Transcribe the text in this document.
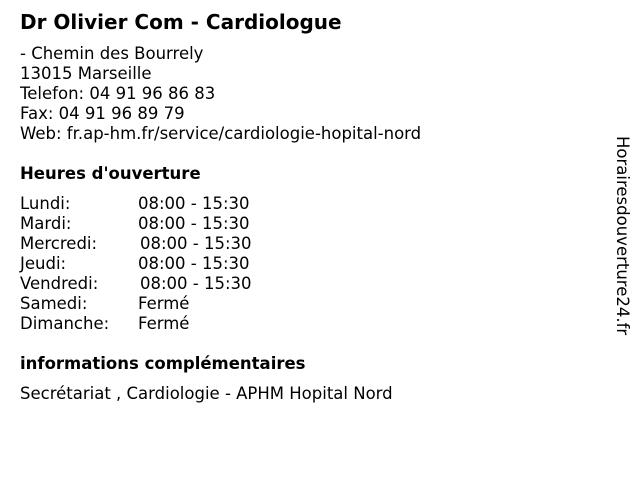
Dr Olivier Com - Cardiologue
- Chemin des Bourrely
13015 Marseille
Telefon: 04 91 96 86 83
Fax: 04 91 96 89 79
Web: fr.ap-hm.fr/service/cardiologie-hopital-nord
Heures d'ouverture
Lundi:	08:00 - 15:30
Mardi:	08:00 - 15:30
Mercredi:	08:00 - 15:30
Jeudi:	08:00 - 15:30
Vendredi:	08:00 - 15:30
Samedi:	Fermé
Dimanche: Fermé
informations complémentaires
Secrétariat , Cardiologie - APHM Hopital Nord
Horairesdouverture24.fr
